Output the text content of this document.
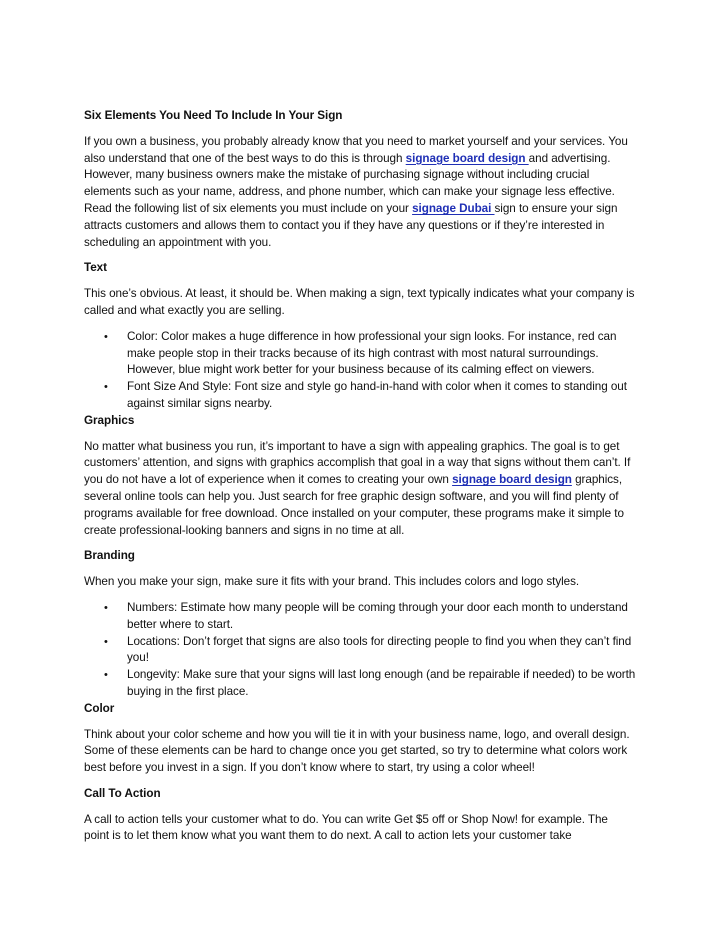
Six Elements You Need To Include In Your Sign

If you own a business, you probably already know that you need to market yourself and your services. You also understand that one of the best ways to do this is through signage board design and advertising. However, many business owners make the mistake of purchasing signage without including crucial elements such as your name, address, and phone number, which can make your signage less effective. Read the following list of six elements you must include on your signage Dubai sign to ensure your sign attracts customers and allows them to contact you if they have any questions or if they’re interested in scheduling an appointment with you.

Text

This one’s obvious. At least, it should be. When making a sign, text typically indicates what your company is called and what exactly you are selling.

• Color: Color makes a huge difference in how professional your sign looks. For instance, red can make people stop in their tracks because of its high contrast with most natural surroundings. However, blue might work better for your business because of its calming effect on viewers.
• Font Size And Style: Font size and style go hand-in-hand with color when it comes to standing out against similar signs nearby.
Graphics

No matter what business you run, it’s important to have a sign with appealing graphics. The goal is to get customers’ attention, and signs with graphics accomplish that goal in a way that signs without them can’t. If you do not have a lot of experience when it comes to creating your own signage board design graphics, several online tools can help you. Just search for free graphic design software, and you will find plenty of programs available for free download. Once installed on your computer, these programs make it simple to create professional-looking banners and signs in no time at all.

Branding

When you make your sign, make sure it fits with your brand. This includes colors and logo styles.

• Numbers: Estimate how many people will be coming through your door each month to understand better where to start.
• Locations: Don’t forget that signs are also tools for directing people to find you when they can’t find you!
• Longevity: Make sure that your signs will last long enough (and be repairable if needed) to be worth buying in the first place.
Color

Think about your color scheme and how you will tie it in with your business name, logo, and overall design. Some of these elements can be hard to change once you get started, so try to determine what colors work best before you invest in a sign. If you don’t know where to start, try using a color wheel!

Call To Action

A call to action tells your customer what to do. You can write Get $5 off or Shop Now! for example. The point is to let them know what you want them to do next. A call to action lets your customer take
